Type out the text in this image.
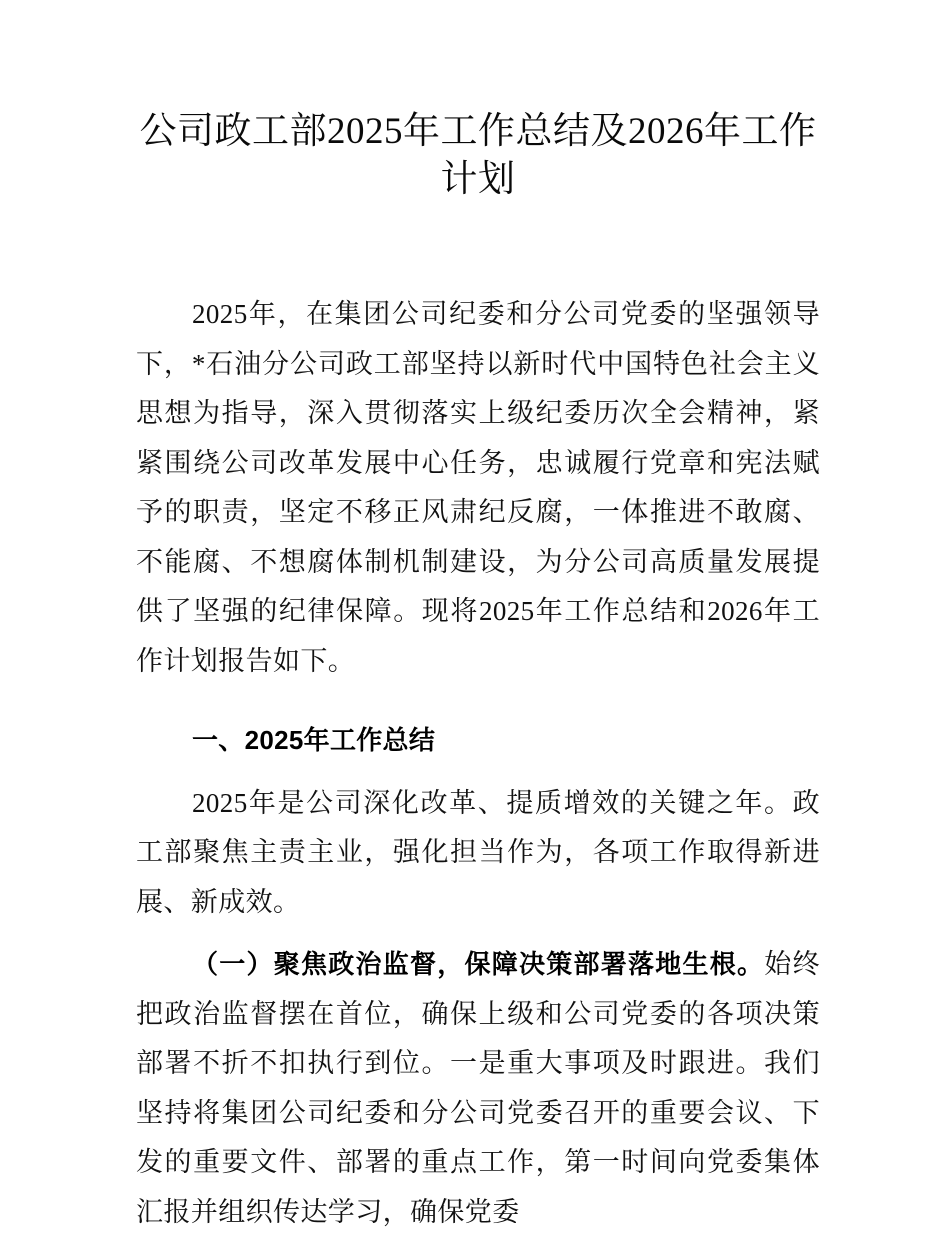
公司政工部2025年工作总结及2026年工作计划

2025年，在集团公司纪委和分公司党委的坚强领导下，*石油分公司政工部坚持以新时代中国特色社会主义思想为指导，深入贯彻落实上级纪委历次全会精神，紧紧围绕公司改革发展中心任务，忠诚履行党章和宪法赋予的职责，坚定不移正风肃纪反腐，一体推进不敢腐、不能腐、不想腐体制机制建设，为分公司高质量发展提供了坚强的纪律保障。现将2025年工作总结和2026年工作计划报告如下。

一、2025年工作总结

2025年是公司深化改革、提质增效的关键之年。政工部聚焦主责主业，强化担当作为，各项工作取得新进展、新成效。

（一）聚焦政治监督，保障决策部署落地生根。始终把政治监督摆在首位，确保上级和公司党委的各项决策部署不折不扣执行到位。一是重大事项及时跟进。我们坚持将集团公司纪委和分公司党委召开的重要会议、下发的重要文件、部署的重点工作，第一时间向党委集体汇报并组织传达学习，确保党委
